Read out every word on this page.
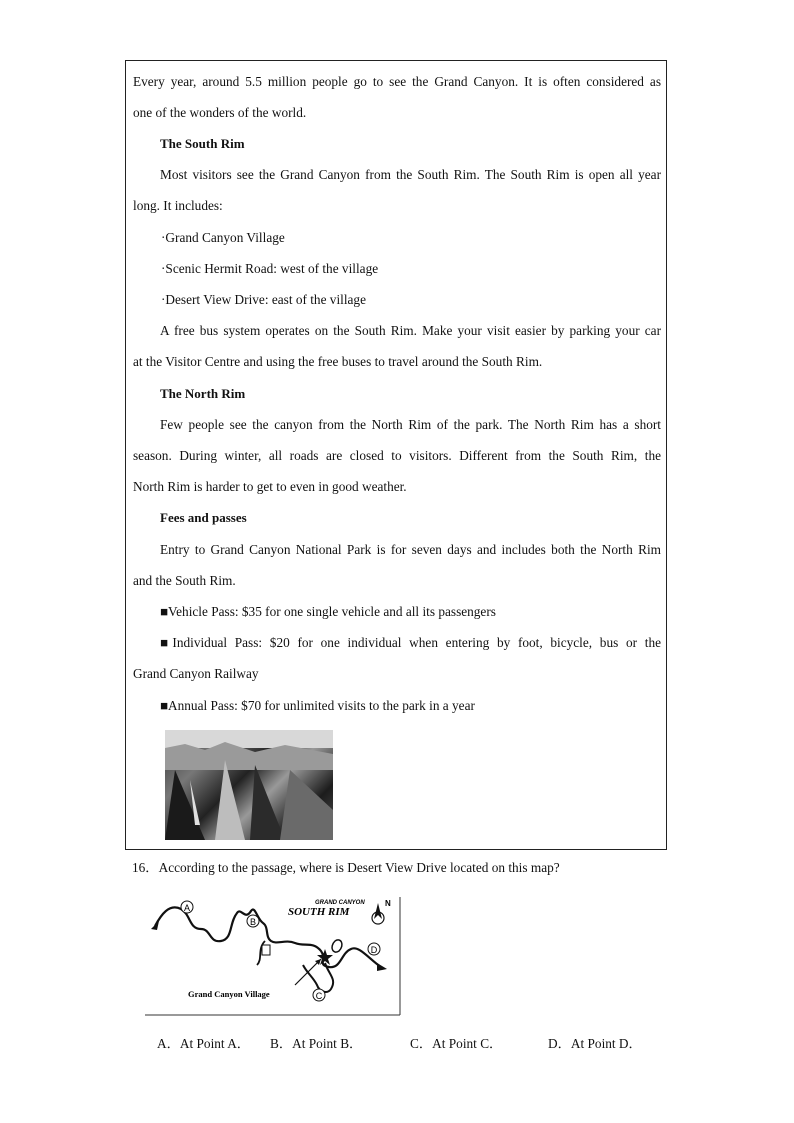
Every year, around 5.5 million people go to see the Grand Canyon. It is often considered as
one of the wonders of the world.
The South Rim
Most visitors see the Grand Canyon from the South Rim. The South Rim is open all year
long. It includes:
·Grand Canyon Village
·Scenic Hermit Road: west of the village
·Desert View Drive: east of the village
A free bus system operates on the South Rim. Make your visit easier by parking your car
at the Visitor Centre and using the free buses to travel around the South Rim.
The North Rim
Few people see the canyon from the North Rim of the park. The North Rim has a short
season. During winter, all roads are closed to visitors. Different from the South Rim, the
North Rim is harder to get to even in good weather.
Fees and passes
Entry to Grand Canyon National Park is for seven days and includes both the North Rim
and the South Rim.
■Vehicle Pass: $35 for one single vehicle and all its passengers
■Individual Pass: $20 for one individual when entering by foot, bicycle, bus or the
Grand Canyon Railway
■Annual Pass: $70 for unlimited visits to the park in a year
16．According to the passage, where is Desert View Drive located on this map?
A
B
C
D
GRAND CANYON
SOUTH RIM
N
Grand Canyon Village
A．At Point A． B．At Point B．	C．At Point C．	D．At Point D．
